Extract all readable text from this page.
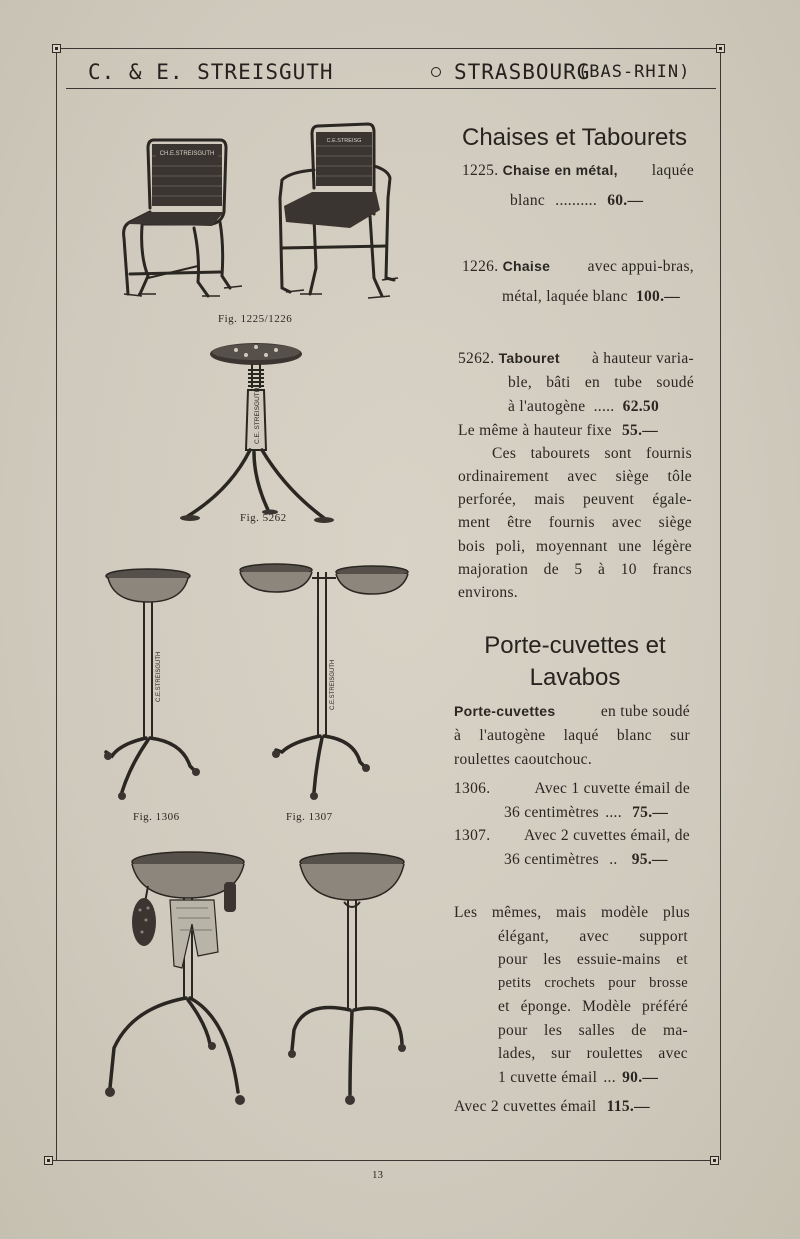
C. & E. STREISGUTH	STRASBOURG
(BAS-RHIN)
CH.E.STREISGUTH
C.E.STREISG
Fig. 1225/1226
C.E. STREISGUTH
Fig. 5262
C.E.STREISGUTH
Fig. 1306
C.E.STREISGUTH
Fig. 1307
Chaises et Tabourets
1225. Chaise en métal, laquée
blanc .......... 60.—
1226. Chaise avec appui-bras,
métal, laquée blanc 100.—
5262. Tabouret à hauteur varia-
ble, bâti en tube soudé
à l'autogène ..... 62.50
Le même à hauteur fixe 55.—
Ces tabourets sont fournis
ordinairement avec siège tôle
perforée, mais peuvent égale-
ment être fournis avec siège
bois poli, moyennant une légère
majoration de 5 à 10 francs
environs.
Porte-cuvettes et
Lavabos
Porte-cuvettes	en tube soudé
à l'autogène laqué blanc sur
roulettes caoutchouc.
1306.	Avec 1 cuvette émail de
36 centimètres .... 75.—
1307. Avec 2 cuvettes émail, de
36 centimètres .. 95.—
Les mêmes, mais modèle plus
élégant, avec support
pour les essuie-mains et
petits crochets pour brosse
et éponge. Modèle préféré
pour les salles de ma-
lades, sur roulettes avec
1 cuvette émail ... 90.—
Avec 2 cuvettes émail 115.—
13
